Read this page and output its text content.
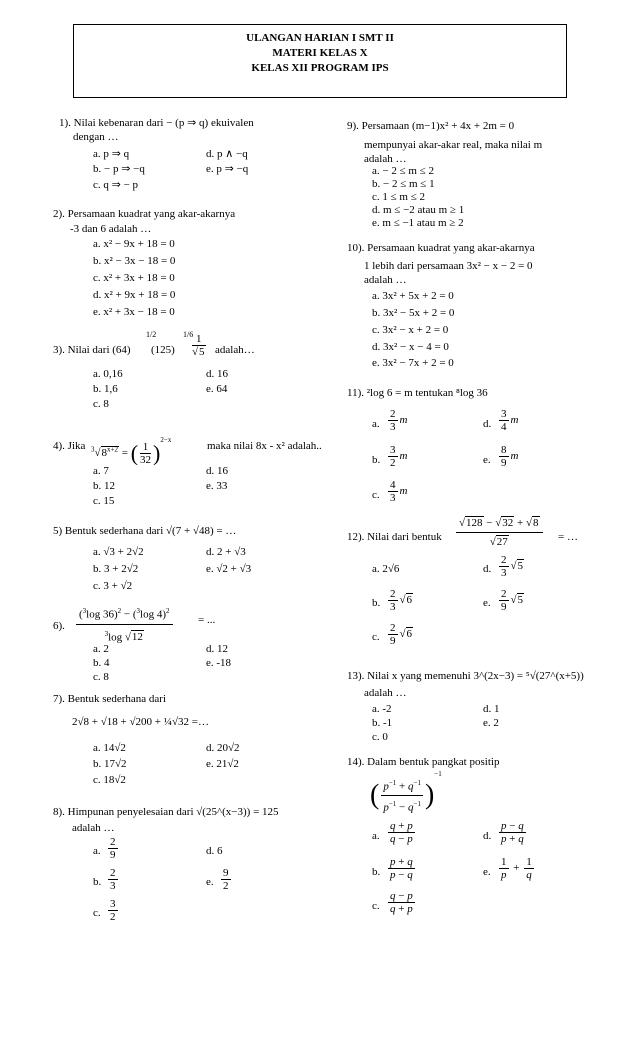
ULANGAN HARIAN I SMT II
MATERI KELAS X
KELAS XII PROGRAM IPS
1). Nilai kebenaran dari − (p ⇒ q) ekuivalen
dengan …
a. p ⇒ q
b. − p ⇒ −q
c. q ⇒ − p
d. p ∧ −q
e. p ⇒ −q
2). Persamaan kuadrat yang akar-akarnya
-3 dan 6 adalah …
a. x² − 9x + 18 = 0
b. x² − 3x − 18 = 0
c. x² + 3x + 18 = 0
d. x² + 9x + 18 = 0
e. x² + 3x − 18 = 0
3). Nilai dari (64)
1/2
(125)
1/6 1
√5 adalah…
a. 0,16
b. 1,6
c. 8
d. 16
e. 64
4). Jika $^3√8^{x+2}$ = ( $\frac{1}{32} )^{2-x}$	maka nilai 8x - x² adalah..
a. 7
b. 12
c. 15
d. 16
e. 33
5) Bentuk sederhana dari √(7 + √48) = …
a. √3 + 2√2
b. 3 + 2√2
c. 3 + √2
d. 2 + √3
e. √2 + √3
6).
($^3$log 36)$^2$ − ($^3$log 4)$^2$
$^3$log √12
= ...
a. 2
b. 4
c. 8
d. 12
e. -18
7). Bentuk sederhana dari
2√8 + √18 + √200 + ¼√32 =…
a. 14√2
b. 17√2
c. 18√2
d. 20√2
e. 21√2
8). Himpunan penyelesaian dari √(25^(x−3)) = 125
adalah …
a. $\frac{2}{9}$
b. $\frac{2}{3}$
c. $\frac{3}{2}$
d. 6
e. $\frac{9}{2}$
9). Persamaan (m−1)x² + 4x + 2m = 0
mempunyai akar-akar real, maka nilai m
adalah …
a. − 2 ≤ m ≤ 2
b. − 2 ≤ m ≤ 1
c. 1 ≤ m ≤ 2
d. m ≤ −2 atau m ≥ 1
e. m ≤ −1 atau m ≥ 2
10). Persamaan kuadrat yang akar-akarnya
1 lebih dari persamaan 3x² − x − 2 = 0
adalah …
a. 3x² + 5x + 2 = 0
b. 3x² − 5x + 2 = 0
c. 3x² − x + 2 = 0
d. 3x² − x − 4 = 0
e. 3x² − 7x + 2 = 0
11). ²log 6 = m tentukan ⁸log 36
a. $\frac{2}{3}$ m
b. $\frac{3}{2}$ m
c. $\frac{4}{3}$ m
d. $\frac{3}{4}$ m
e. $\frac{8}{9}$ m
12). Nilai dari bentuk
√128 − √32 + √8
√27	= …
a. 2√6
b. $\frac{2}{3} √6$
c. $\frac{2}{9} √6$
d. $\frac{2}{3} √5$
e. $\frac{2}{9} √5$
13). Nilai x yang memenuhi 3^(2x−3) = ⁵√(27^(x+5))
adalah …
a. -2
b. -1
c. 0
d. 1
e. 2
14). Dalam bentuk pangkat positip
( $\frac{p^{-1} + q^{-1}}{p^{-1} - q^{-1}} )^{-1}$
a. $\frac{q + p}{q - p}$
b. $\frac{p + q}{p - q}$
c. $\frac{q - p}{q + p}$
d. $\frac{p - q}{p + q}$
e. $\frac{1}{p} + \frac{1}{q}$
